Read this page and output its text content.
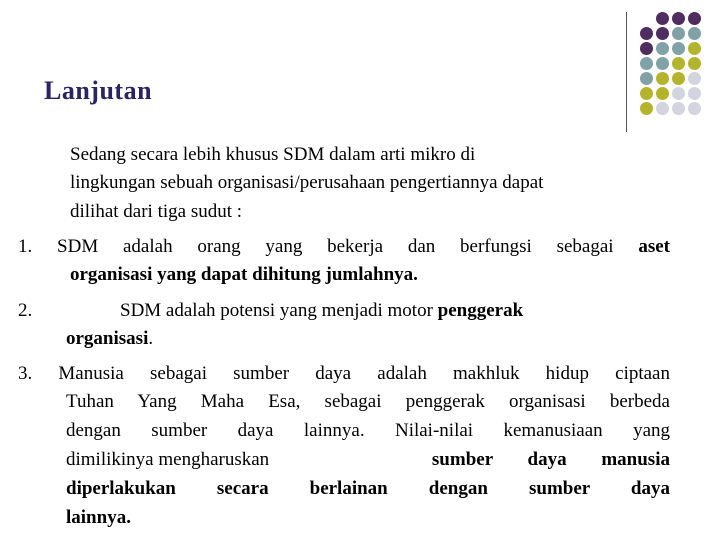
Lanjutan
Sedang secara lebih khusus SDM dalam arti mikro di
lingkungan sebuah organisasi/perusahaan pengertiannya dapat
dilihat dari tiga sudut :
1. SDM adalah orang yang bekerja dan berfungsi sebagai aset
organisasi yang dapat dihitung jumlahnya.
2.	SDM adalah potensi yang menjadi motor penggerak
organisasi.
3. Manusia sebagai sumber daya adalah makhluk hidup ciptaan
Tuhan Yang Maha Esa, sebagai penggerak organisasi berbeda
dengan sumber daya lainnya. Nilai-nilai kemanusiaan yang
dimilikinya mengharuskan	sumber daya manusia
diperlakukan secara berlainan dengan sumber daya
lainnya.
